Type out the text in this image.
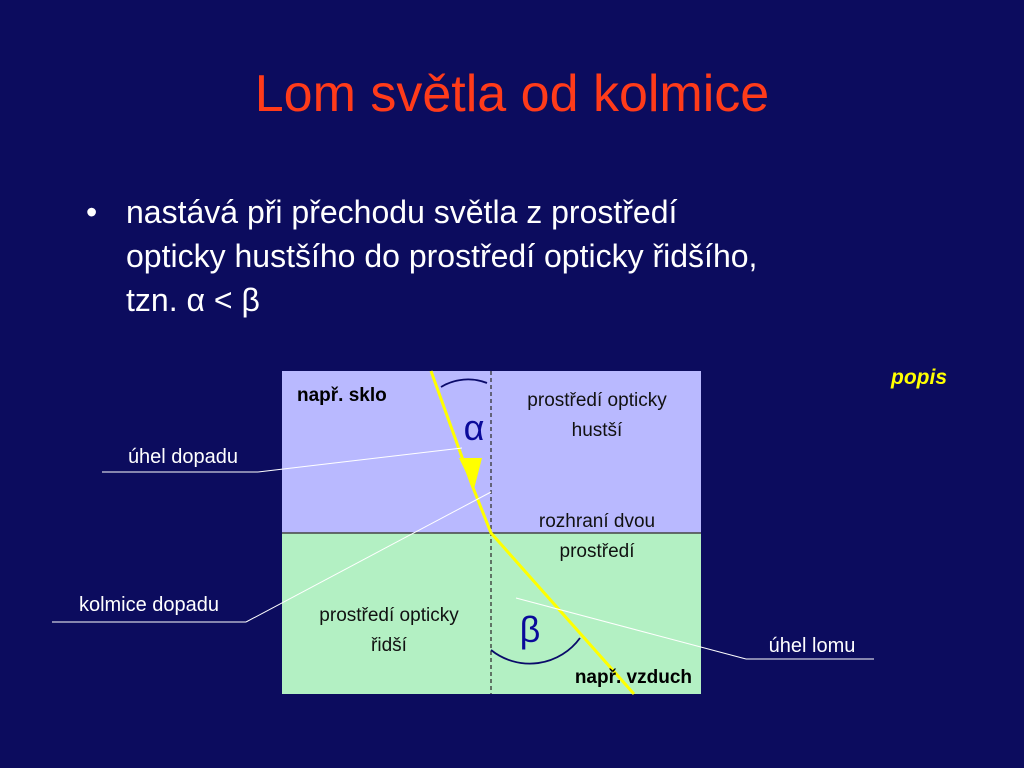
Lom světla od kolmice
• nastává při přechodu světla z prostředí
opticky hustšího do prostředí opticky řidšího,
tzn. α < β
popis
např. sklo	prostředí opticky
hustší
rozhraní dvou
prostředí
prostředí opticky
řidší
např. vzduch
α
β
úhel dopadu
kolmice dopadu
úhel lomu
